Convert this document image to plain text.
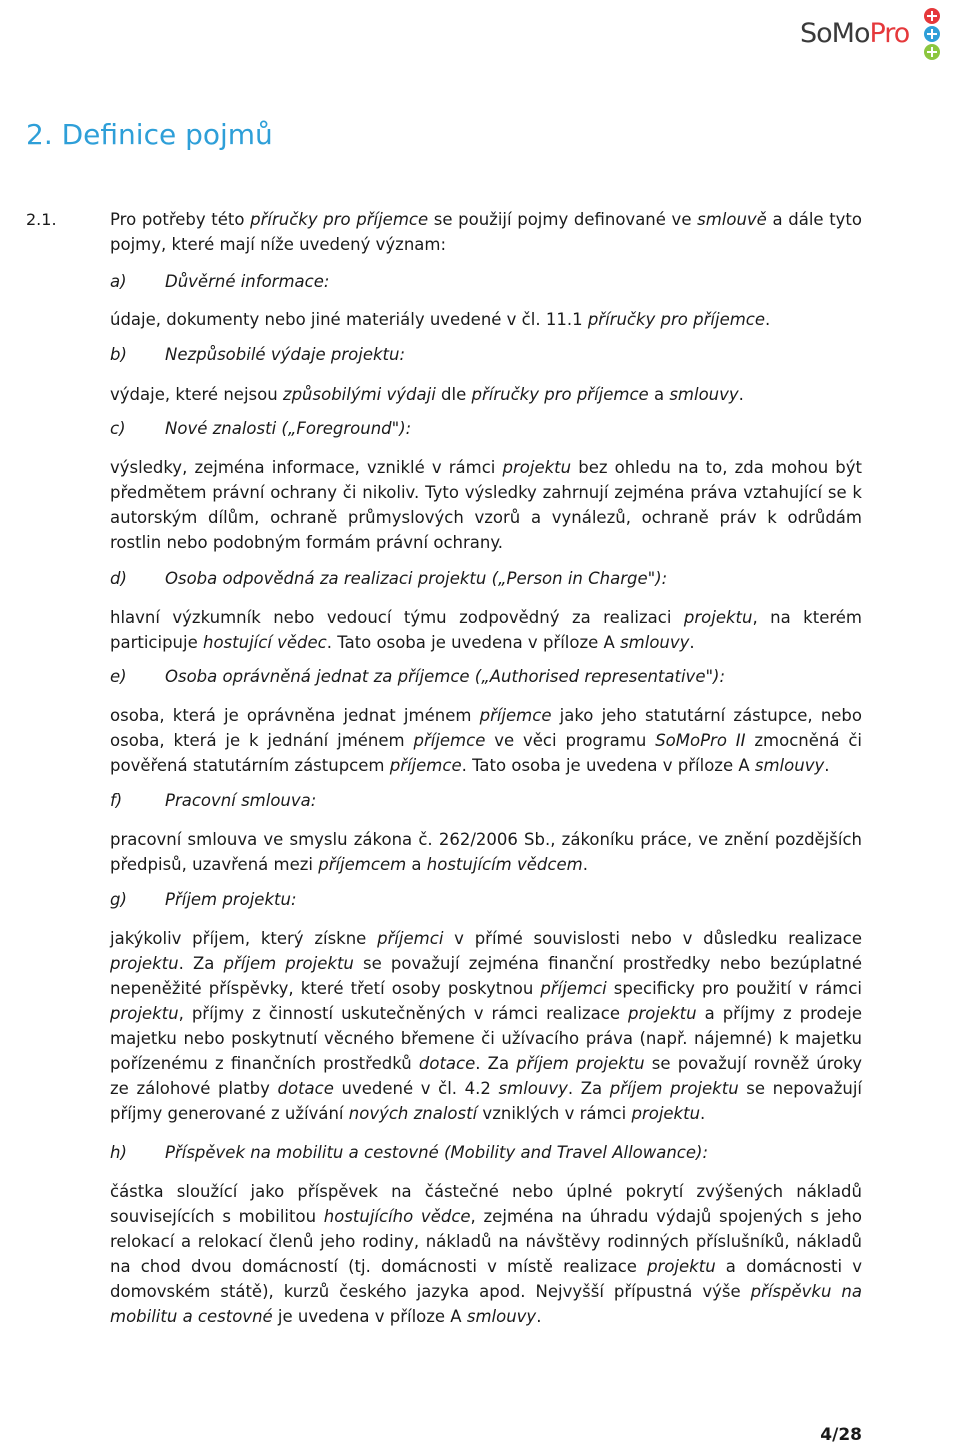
SoMoPro
2. Definice pojmů
2.1.	Pro potřeby této příručky pro příjemce se použijí pojmy definované ve smlouvě a dále tyto pojmy, které mají níže uvedený význam:
a) Důvěrné informace:
údaje, dokumenty nebo jiné materiály uvedené v čl. 11.1 příručky pro příjemce.
b) Nezpůsobilé výdaje projektu:
výdaje, které nejsou způsobilými výdaji dle příručky pro příjemce a smlouvy.
c) Nové znalosti („Foreground"):
výsledky, zejména informace, vzniklé v rámci projektu bez ohledu na to, zda mohou být předmětem právní ochrany či nikoliv. Tyto výsledky zahrnují zejména práva vztahující se k autorským dílům, ochraně průmyslových vzorů a vynálezů, ochraně práv k odrůdám rostlin nebo podobným formám právní ochrany.
d) Osoba odpovědná za realizaci projektu („Person in Charge"):
hlavní výzkumník nebo vedoucí týmu zodpovědný za realizaci projektu, na kterém participuje hostující vědec. Tato osoba je uvedena v příloze A smlouvy.
e) Osoba oprávněná jednat za příjemce („Authorised representative"):
osoba, která je oprávněna jednat jménem příjemce jako jeho statutární zástupce, nebo osoba, která je k jednání jménem příjemce ve věci programu SoMoPro II zmocněná či pověřená statutárním zástupcem příjemce. Tato osoba je uvedena v příloze A smlouvy.
f)	Pracovní smlouva:
pracovní smlouva ve smyslu zákona č. 262/2006 Sb., zákoníku práce, ve znění pozdějších předpisů, uzavřená mezi příjemcem a hostujícím vědcem.
g) Příjem projektu:
jakýkoliv příjem, který získne příjemci v přímé souvislosti nebo v důsledku realizace projektu. Za příjem projektu se považují zejména finanční prostředky nebo bezúplatné nepeněžité příspěvky, které třetí osoby poskytnou příjemci specificky pro použití v rámci projektu, příjmy z činností uskutečněných v rámci realizace projektu a příjmy z prodeje majetku nebo poskytnutí věcného břemene či užívacího práva (např. nájemné) k majetku pořízenému z finančních prostředků dotace. Za příjem projektu se považují rovněž úroky ze zálohové platby dotace uvedené v čl. 4.2 smlouvy. Za příjem projektu se nepovažují příjmy generované z užívání nových znalostí vzniklých v rámci projektu.
h) Příspěvek na mobilitu a cestovné (Mobility and Travel Allowance):
částka sloužící jako příspěvek na částečné nebo úplné pokrytí zvýšených nákladů souvisejících s mobilitou hostujícího vědce, zejména na úhradu výdajů spojených s jeho relokací a relokací členů jeho rodiny, nákladů na návštěvy rodinných příslušníků, nákladů na chod dvou domácností (tj. domácnosti v místě realizace projektu a domácnosti v domovském státě), kurzů českého jazyka apod. Nejvyšší přípustná výše příspěvku na mobilitu a cestovné je uvedena v příloze A smlouvy.
4/28
